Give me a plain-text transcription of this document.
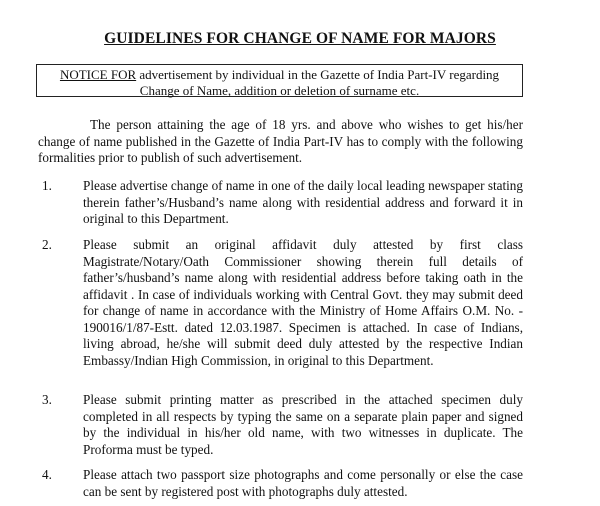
GUIDELINES FOR CHANGE OF NAME FOR MAJORS
NOTICE FOR advertisement by individual in the Gazette of India Part-IV regarding
Change of Name, addition or deletion of surname etc.
The person attaining the age of 18 yrs. and above who wishes to get his/her change of name published in the Gazette of India Part-IV has to comply with the following formalities prior to publish of such advertisement.
1. Please advertise change of name in one of the daily local leading newspaper stating therein father’s/Husband’s name along with residential address and forward it in original to this Department.
2. Please submit an original affidavit duly attested by first class Magistrate/Notary/Oath Commissioner showing therein full details of father’s/husband’s name along with residential address before taking oath in the affidavit . In case of individuals working with Central Govt. they may submit deed for change of name in accordance with the Ministry of Home Affairs O.M. No. - 190016/1/87-Estt. dated 12.03.1987. Specimen is attached. In case of Indians, living abroad, he/she will submit deed duly attested by the respective Indian Embassy/Indian High Commission, in original to this Department.
3. Please submit printing matter as prescribed in the attached specimen duly completed in all respects by typing the same on a separate plain paper and signed by the individual in his/her old name, with two witnesses in duplicate. The Proforma must be typed.
4. Please attach two passport size photographs and come personally or else the case can be sent by registered post with photographs duly attested.
